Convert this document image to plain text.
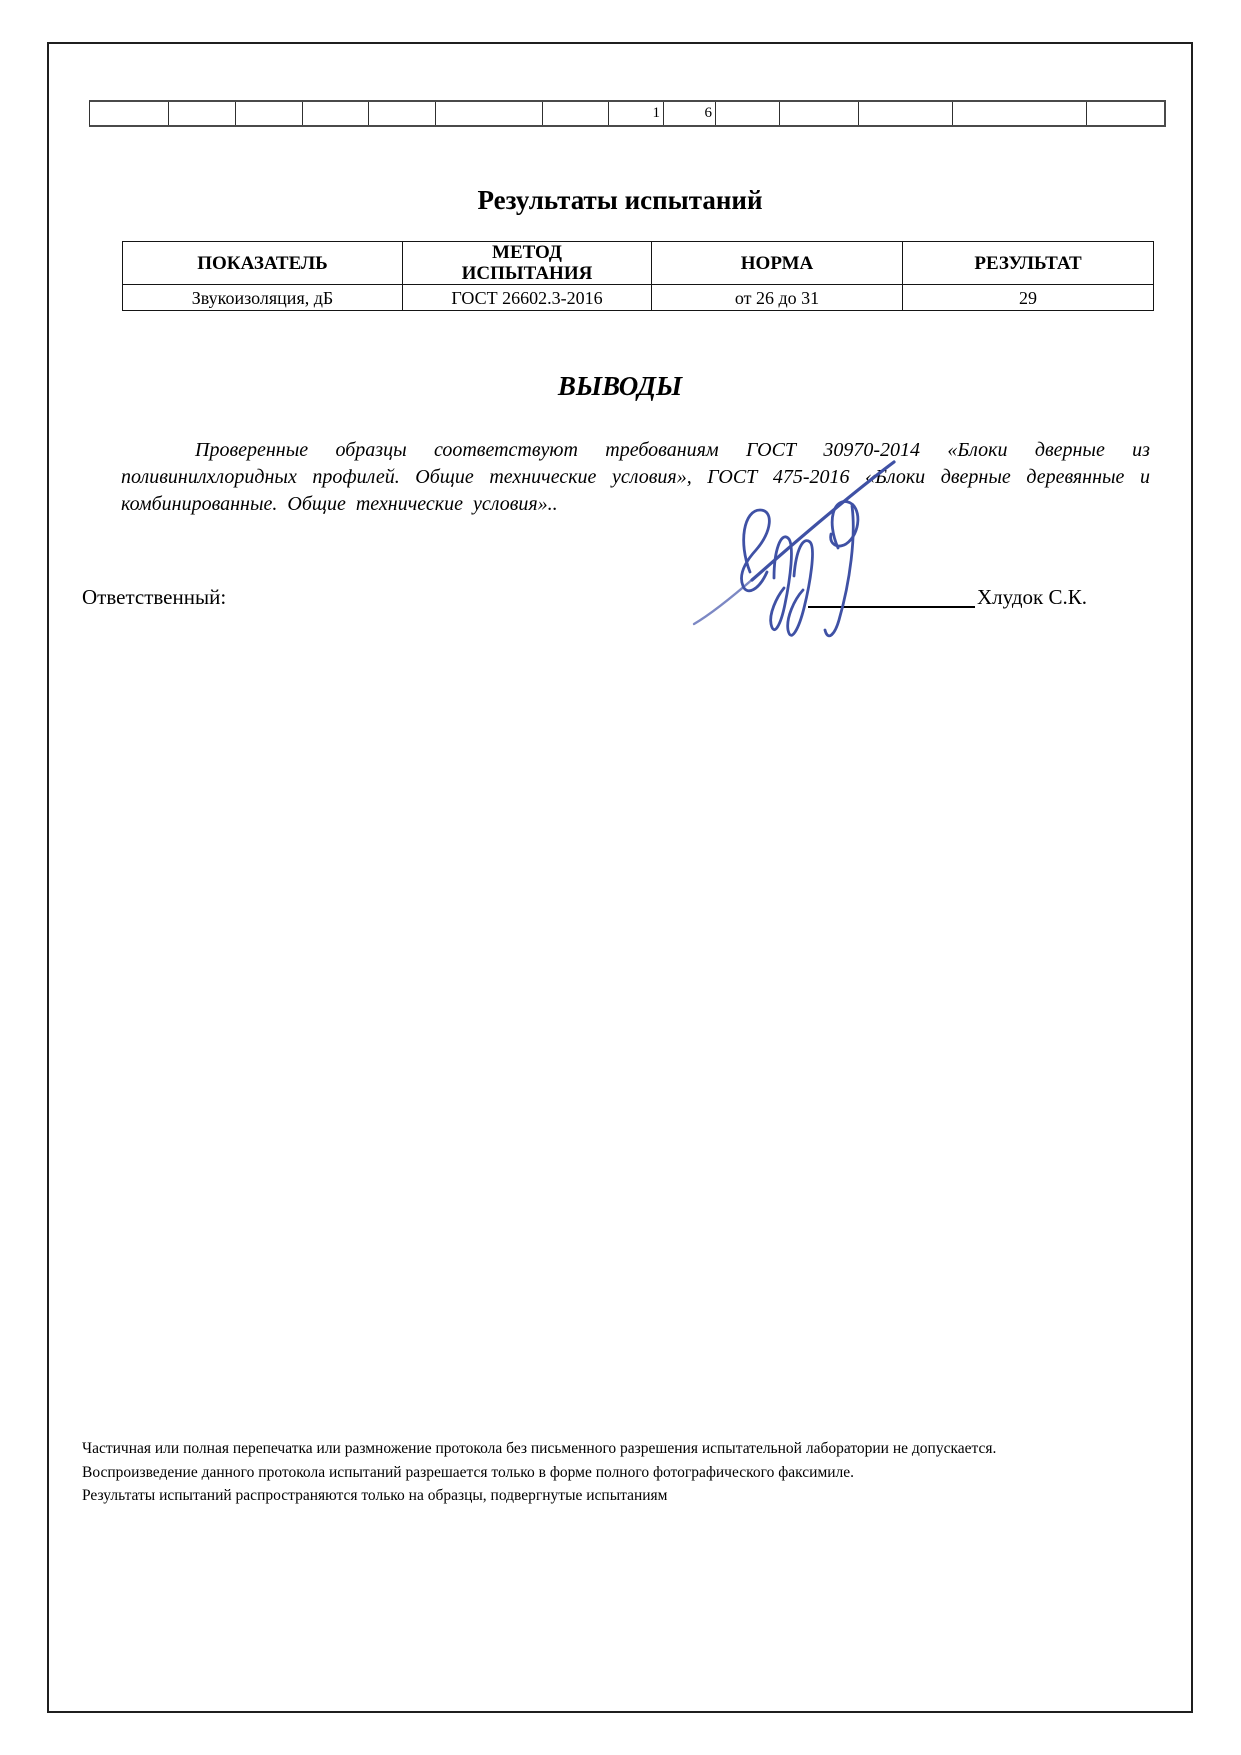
1	6
Результаты испытаний
ПОКАЗАТЕЛЬ	МЕТОД ИСПЫТАНИЯ	НОРМА	РЕЗУЛЬТАТ
Звукоизоляция, дБ	ГОСТ 26602.3-2016	от 26 до 31	29
ВЫВОДЫ
Проверенные образцы соответствуют требованиям ГОСТ 30970-2014 «Блоки дверные из поливинилхлоридных профилей. Общие технические условия», ГОСТ 475-2016 «Блоки дверные деревянные и комбинированные. Общие технические условия»..
Ответственный:	Хлудок С.К.
Частичная или полная перепечатка или размножение протокола без письменного разрешения испытательной лаборатории не допускается.
Воспроизведение данного протокола испытаний разрешается только в форме полного фотографического факсимиле.
Результаты испытаний распространяются только на образцы, подвергнутые испытаниям
